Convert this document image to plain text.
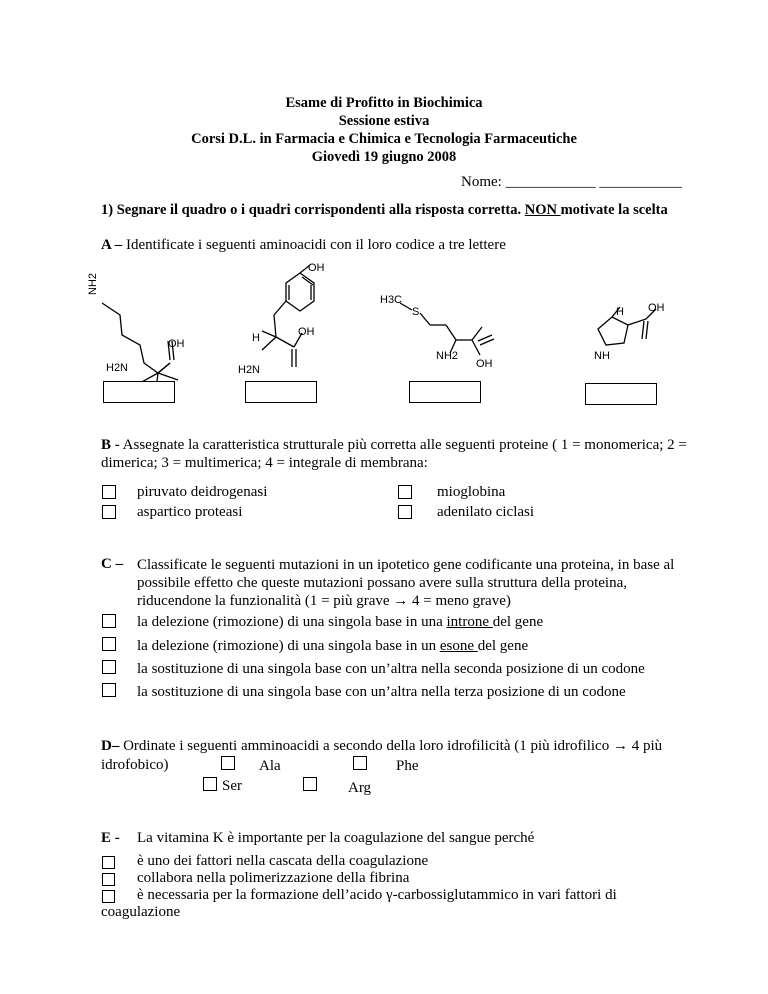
Esame di Profitto in Biochimica
Sessione estiva
Corsi D.L. in Farmacia e Chimica e Tecnologia Farmaceutiche
Giovedì 19 giugno 2008
Nome: ____________ ___________
1) Segnare il quadro o i quadri corrispondenti alla risposta corretta. NON motivate la scelta
A – Identificate i seguenti aminoacidi con il loro codice a tre lettere
NH2
OH
H2N
OH
H	OH
H2N
H3C
S
NH2
OH
H OH
NH
B - Assegnate la caratteristica strutturale più corretta alle seguenti proteine ( 1 = monomerica; 2 =
dimerica; 3 = multimerica; 4 = integrale di membrana:
piruvato deidrogenasi
aspartico proteasi
mioglobina
adenilato ciclasi
C – Classificate le seguenti mutazioni in un ipotetico gene codificante una proteina, in base al
possibile effetto che queste mutazioni possano avere sulla struttura della proteina,
riducendone la funzionalità (1 = più grave → 4 = meno grave)
la delezione (rimozione) di una singola base in una introne del gene
la delezione (rimozione) di una singola base in un esone del gene
la sostituzione di una singola base con un’altra nella seconda posizione di un codone
la sostituzione di una singola base con un’altra nella terza posizione di un codone
D– Ordinate i seguenti amminoacidi a secondo della loro idrofilicità (1 più idrofilico → 4 più
idrofobico)	Ala	Phe
Ser	Arg
E - La vitamina K è importante per la coagulazione del sangue perché
è uno dei fattori nella cascata della coagulazione
collabora nella polimerizzazione della fibrina
è necessaria per la formazione dell’acido γ-carbossiglutammico in vari fattori di
coagulazione
